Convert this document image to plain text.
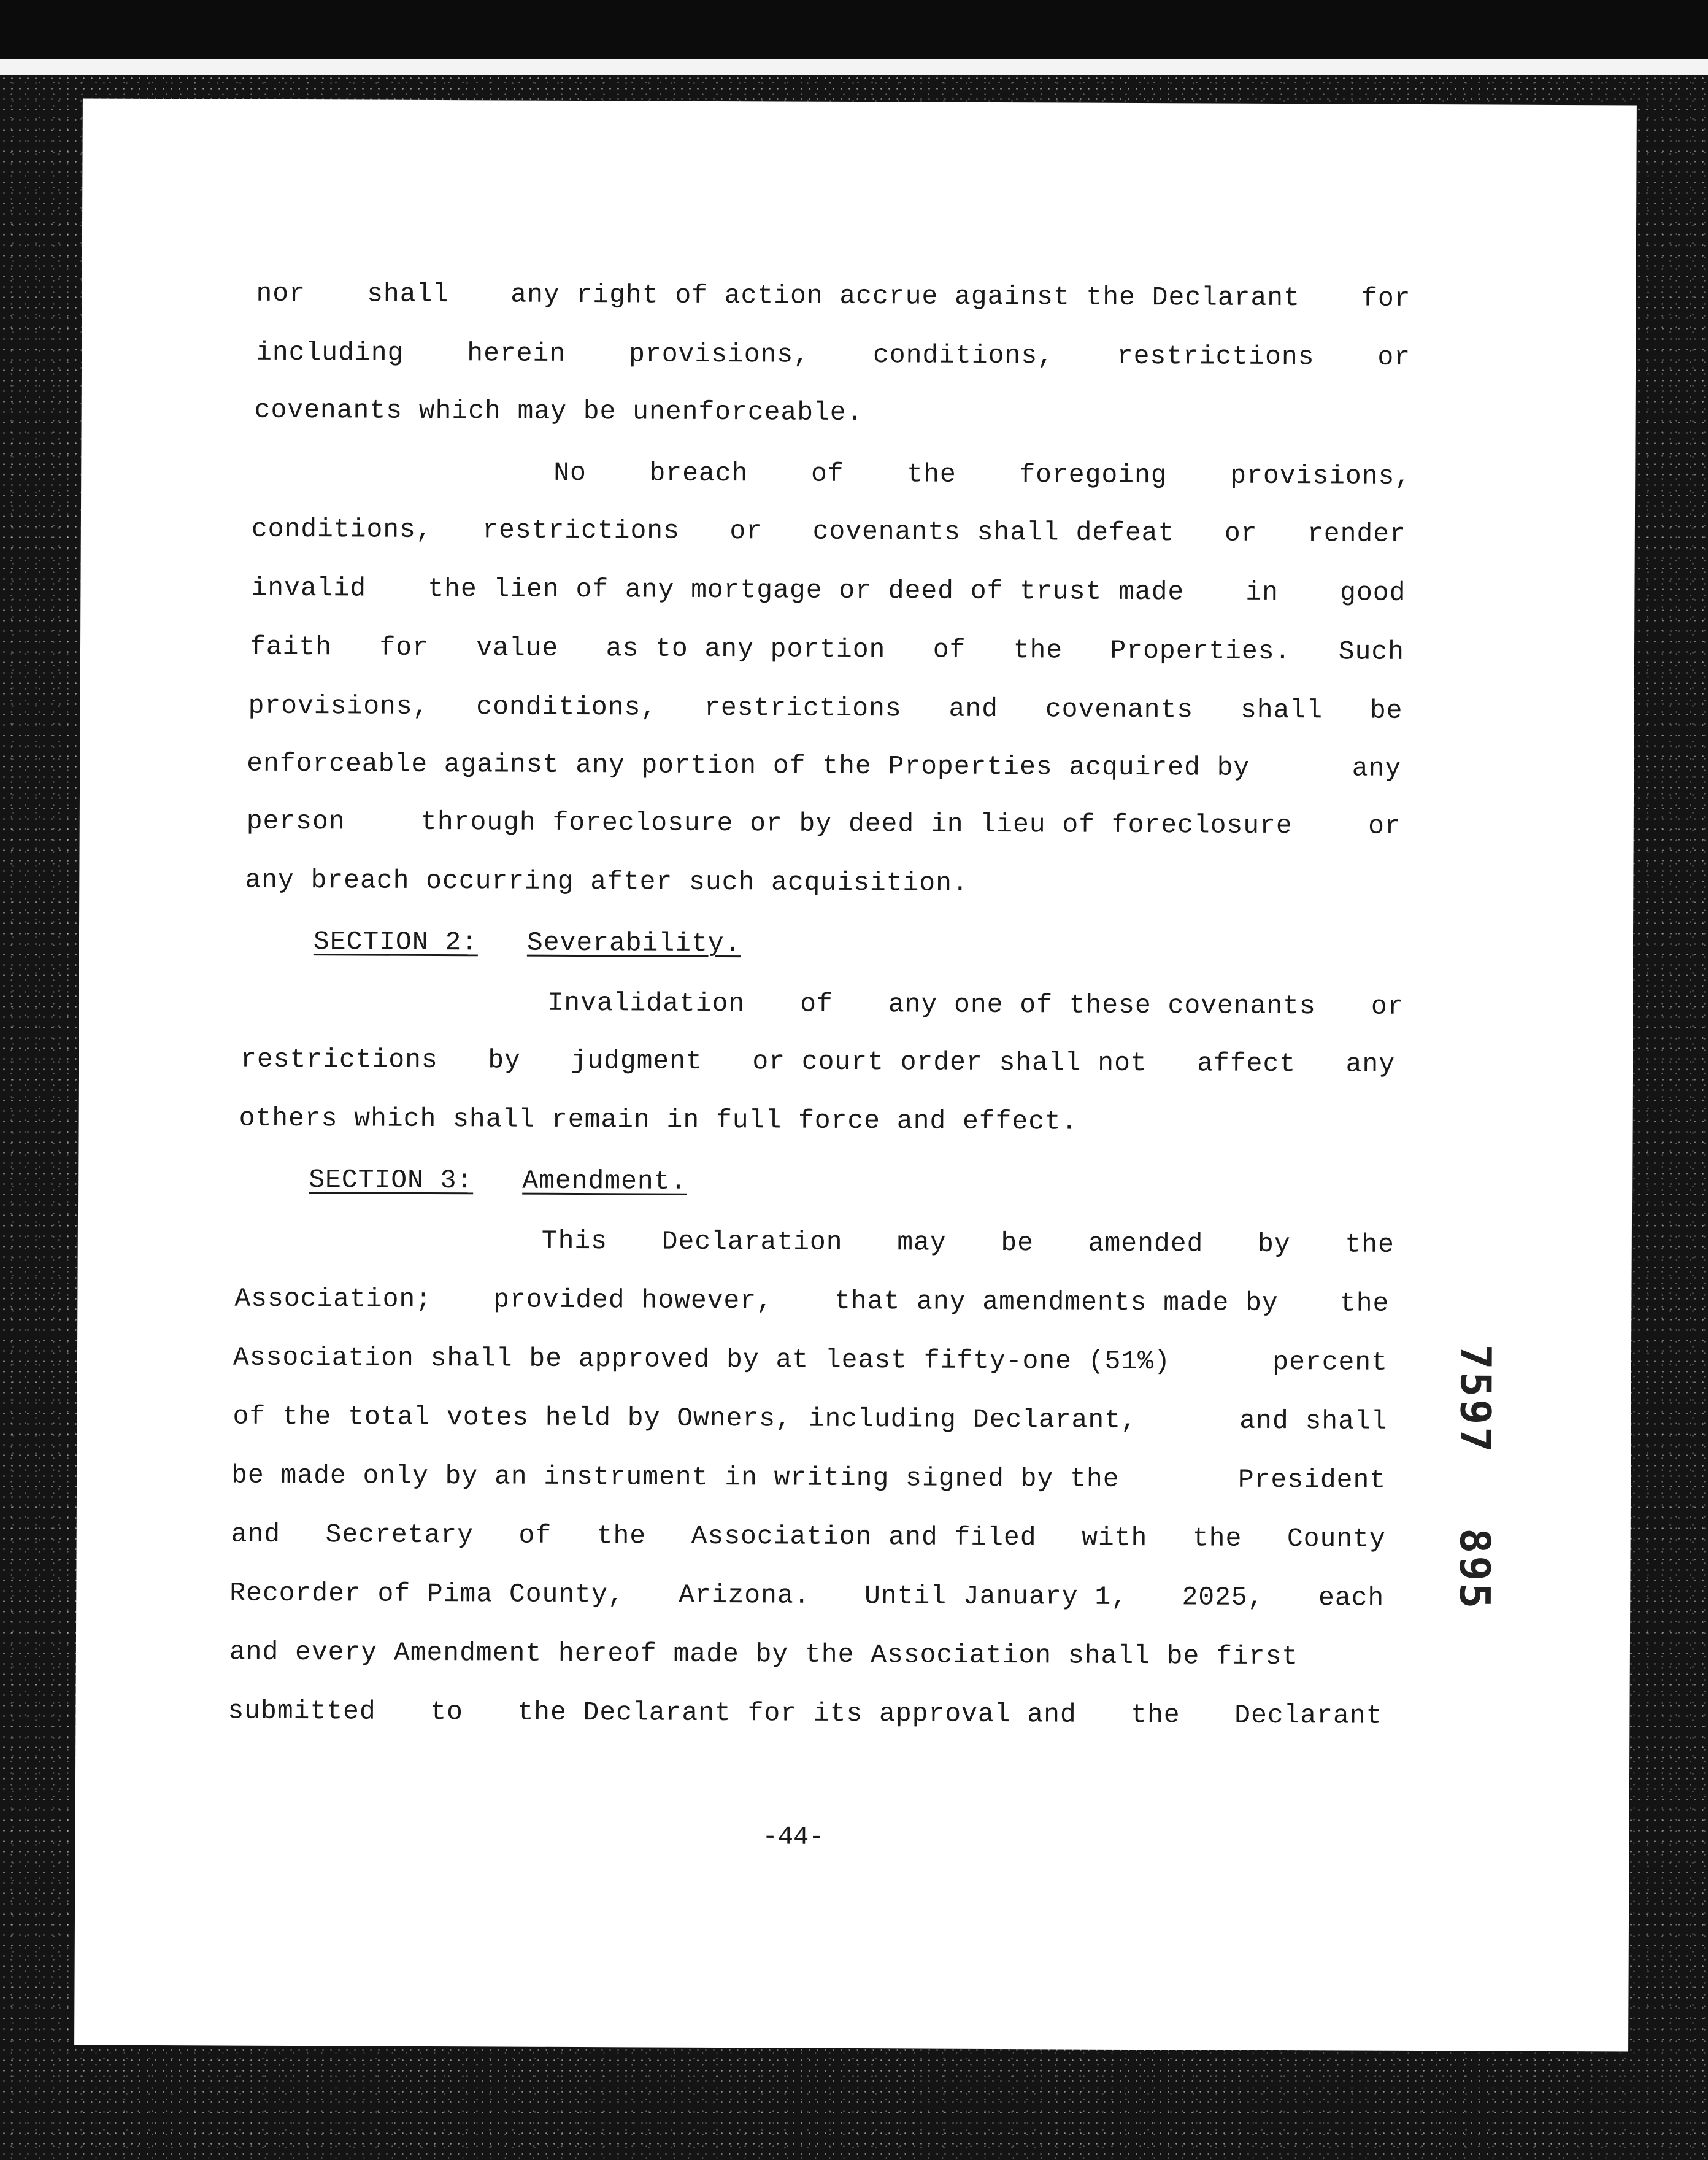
nor shall any right of action accrue against the Declarant for
including herein provisions, conditions, restrictions or
covenants which may be unenforceable.
No breach of the foregoing provisions,
conditions, restrictions or covenants shall defeat or render
invalid the lien of any mortgage or deed of trust made in good
faith for value as to any portion of the Properties. Such
provisions, conditions, restrictions and covenants shall be
enforceable against any portion of the Properties acquired by	any
person	through foreclosure or by deed in lieu of foreclosure	or
any breach occurring after such acquisition.
SECTION 2: Severability.
Invalidation of any one of these covenants or
restrictions by judgment or court order shall not affect any
others which shall remain in full force and effect.
SECTION 3: Amendment.
This Declaration may be amended by the
Association; provided however, that any amendments made by the
Association shall be approved by at least fifty-one (51%)	percent
of the total votes held by Owners, including Declarant,	and shall
be made only by an instrument in writing signed by the	President
and Secretary of the Association and filed with the County
Recorder of Pima County, Arizona. Until January 1, 2025, each
and every Amendment hereof made by the Association shall be first
submitted to the Declarant for its approval and the Declarant
-44-
7597
895
